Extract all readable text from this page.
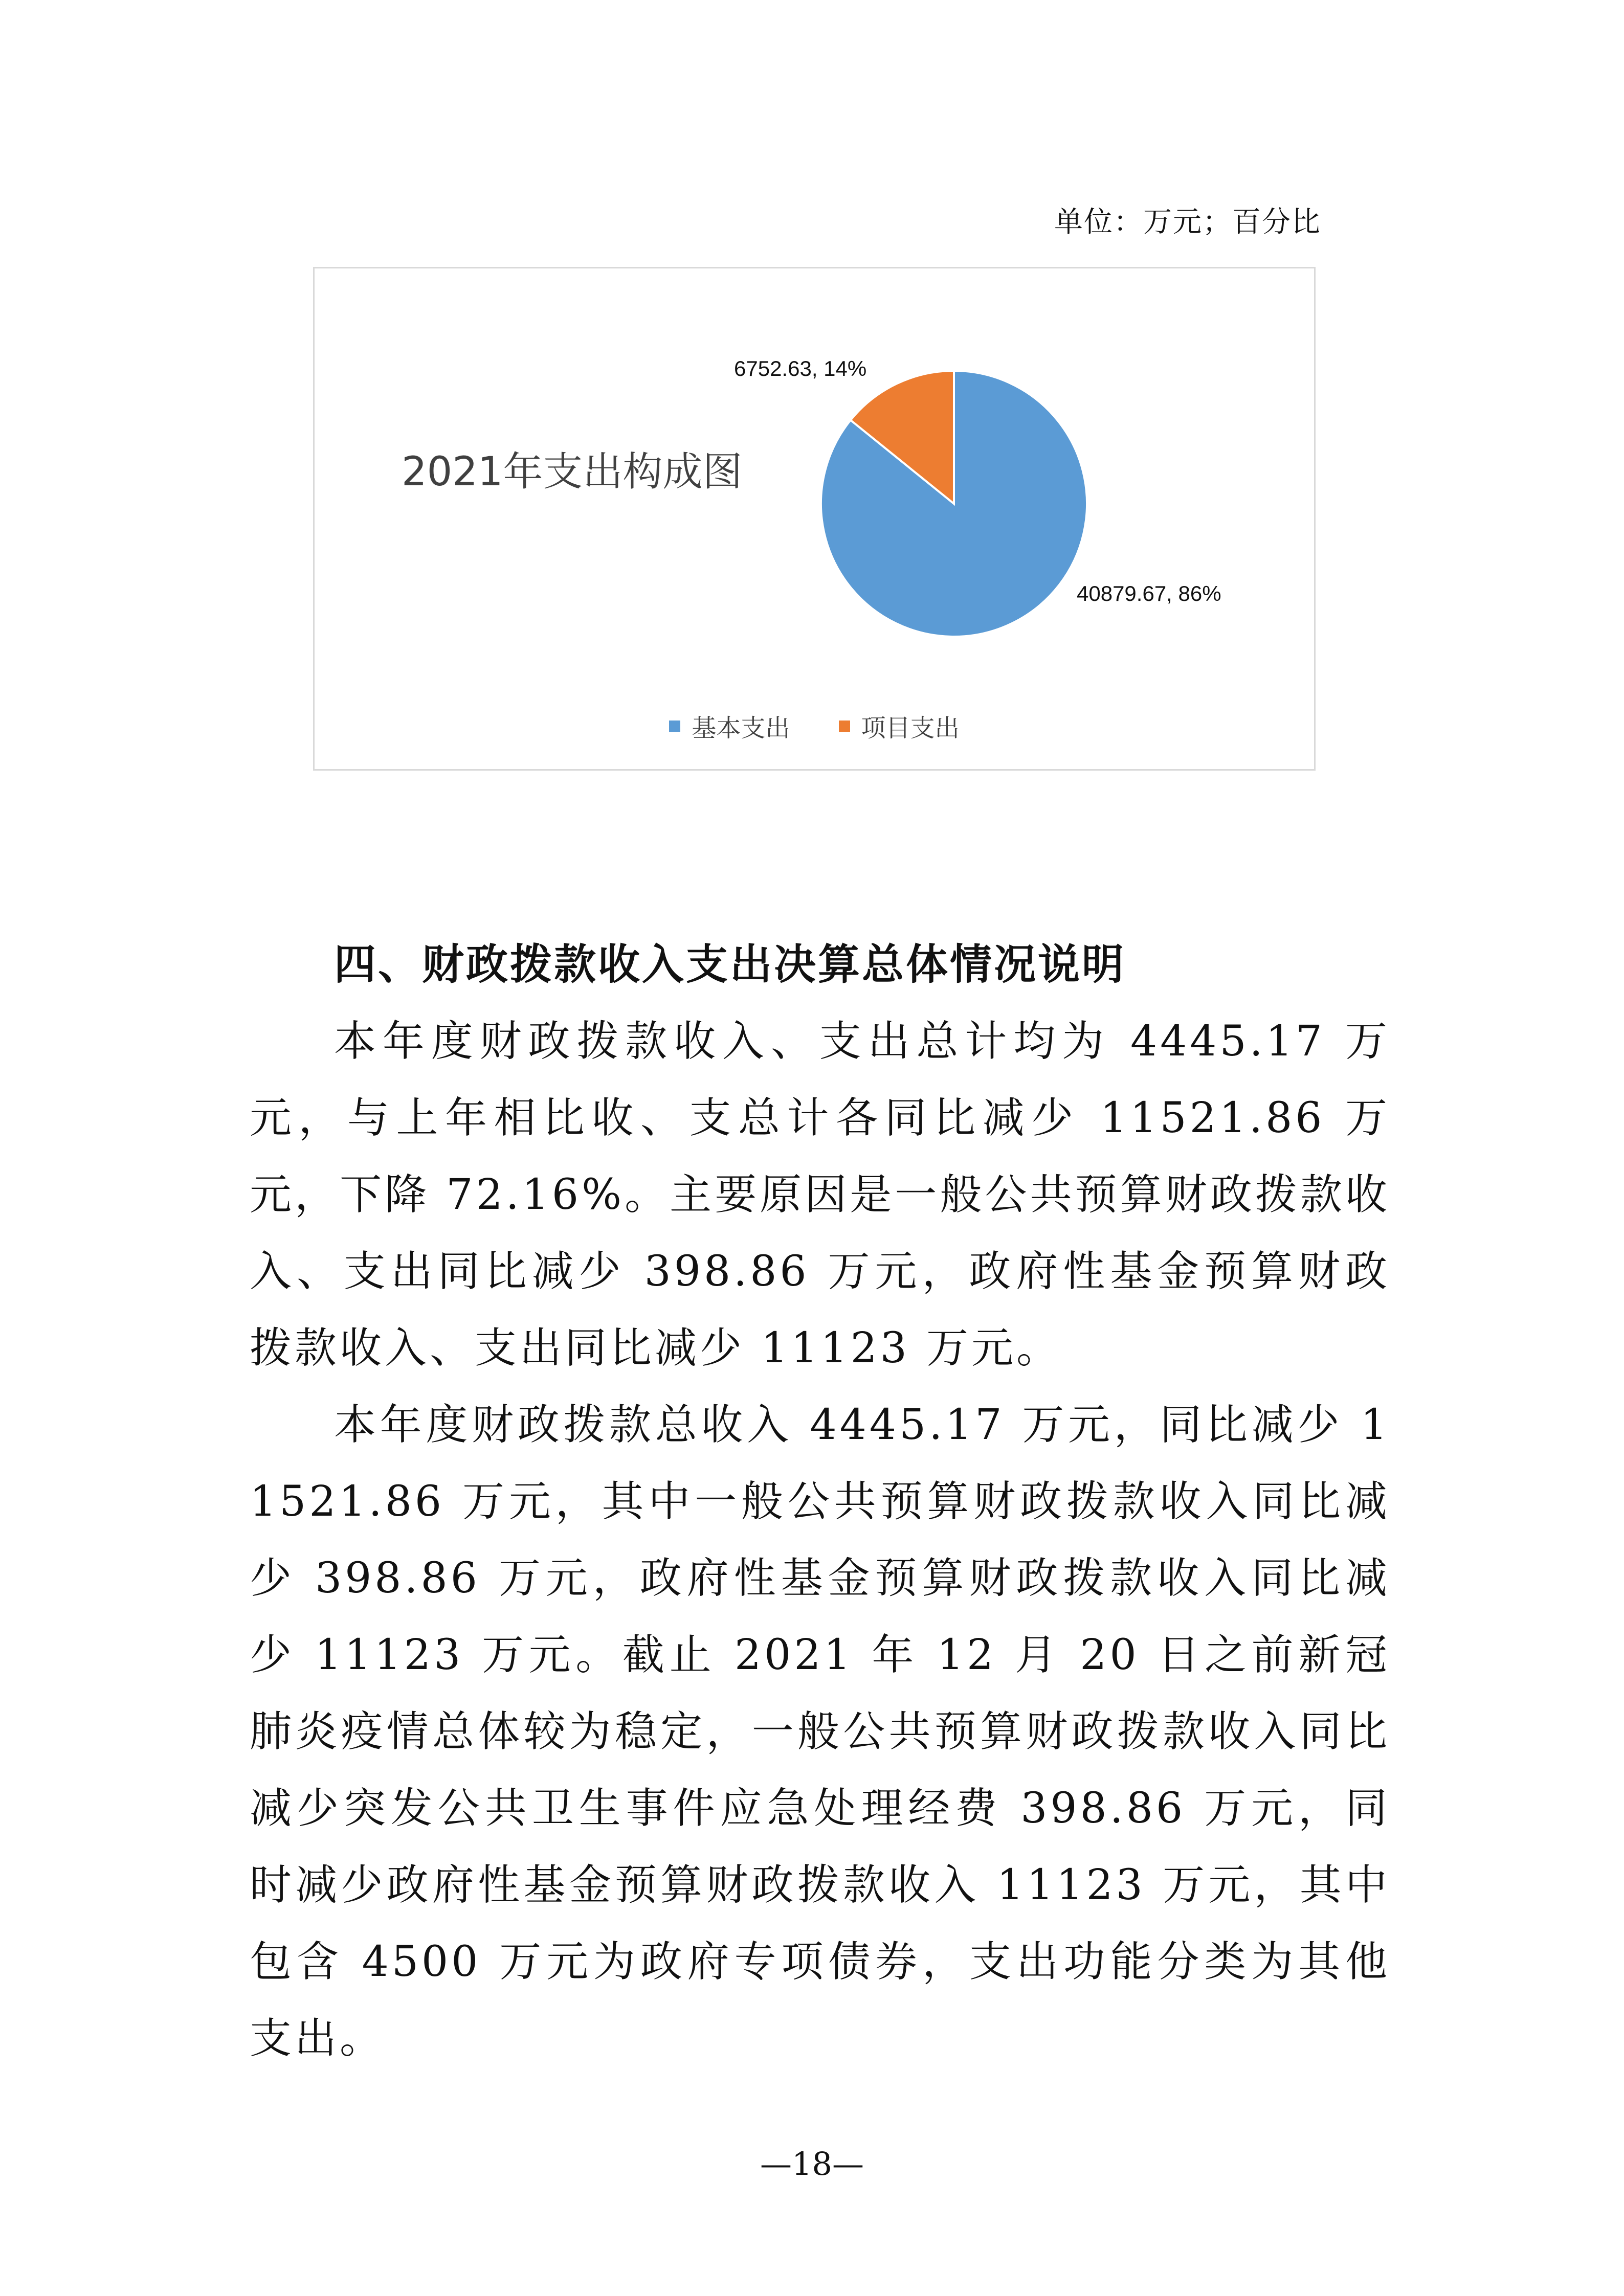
单位：万元；百分比
2021年支出构成图
6752.63, 14%
40879.67, 86%
基本支出
	项目支出

四、财政拨款收入支出决算总体情况说明

本年度财政拨款收入、支出总计均为 4445.17 万元，与上年相比收、支总计各同比减少 11521.86 万元，下降 72.16%。主要原因是一般公共预算财政拨款收入、支出同比减少 398.86 万元，政府性基金预算财政拨款收入、支出同比减少 11123 万元。

本年度财政拨款总收入 4445.17 万元，同比减少 11521.86 万元，其中一般公共预算财政拨款收入同比减少 398.86 万元，政府性基金预算财政拨款收入同比减少 11123 万元。截止 2021 年 12 月 20 日之前新冠肺炎疫情总体较为稳定，一般公共预算财政拨款收入同比减少突发公共卫生事件应急处理经费 398.86 万元，同时减少政府性基金预算财政拨款收入 11123 万元，其中包含 4500 万元为政府专项债券，支出功能分类为其他支出。

—18—
